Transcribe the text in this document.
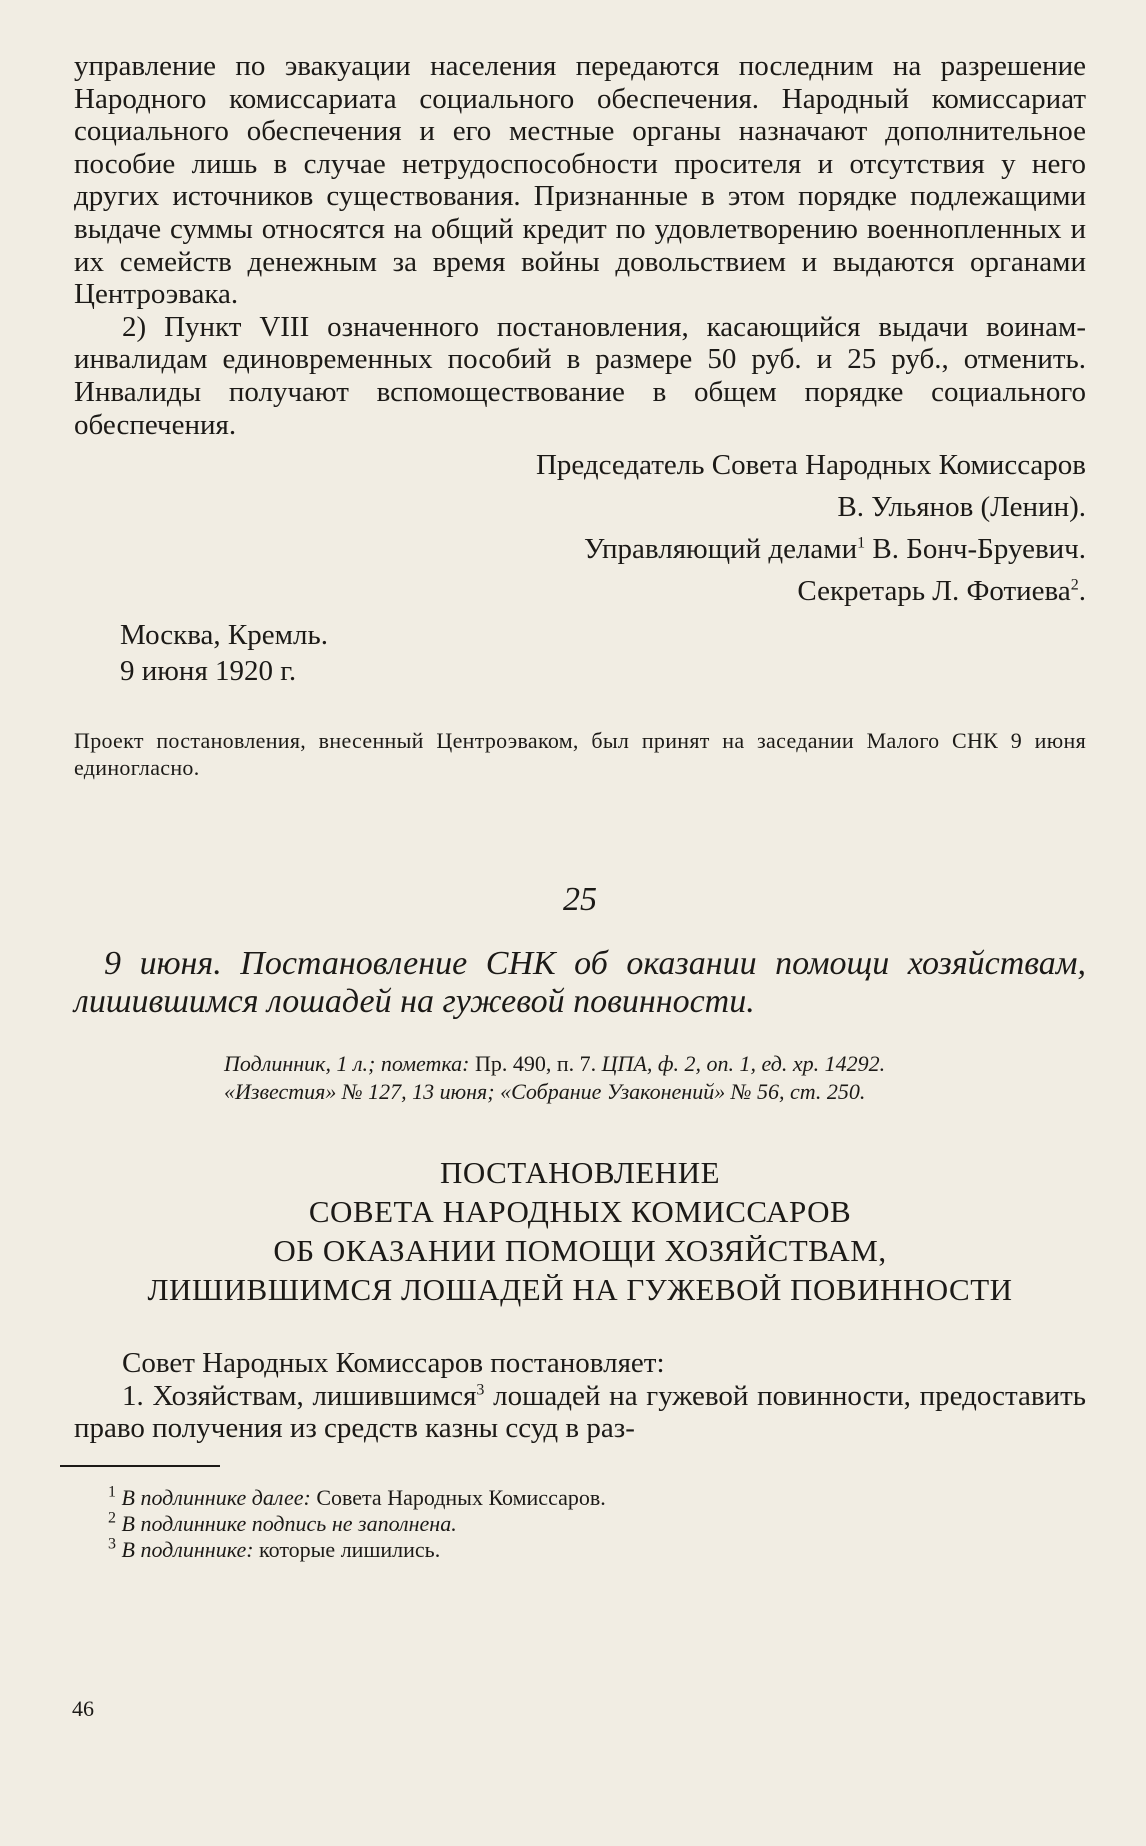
управление по эвакуации населения передаются последним на разрешение Народного комиссариата социального обеспечения. Народный комиссариат социального обеспечения и его местные органы назначают дополнительное пособие лишь в случае нетрудоспособности просителя и отсутствия у него других источников существования. Признанные в этом порядке подлежащими выдаче суммы относятся на общий кредит по удовлетворению военнопленных и их семейств денежным за время войны довольствием и выдаются органами Центроэвака.

2) Пункт VIII означенного постановления, касающийся выдачи воинам-инвалидам единовременных пособий в размере 50 руб. и 25 руб., отменить. Инвалиды получают вспомоществование в общем порядке социального обеспечения.

Председатель Совета Народных Комиссаров
В. Ульянов (Ленин).
Управляющий делами$^1$ В. Бонч-Бруевич.
Секретарь Л. Фотиева$^2$.
Москва, Кремль.
9 июня 1920 г.

Проект постановления, внесенный Центроэваком, был принят на заседании Малого СНК 9 июня единогласно.

25

9 июня. Постановление СНК об оказании помощи хозяйствам, лишившимся лошадей на гужевой повинности.

Подлинник, 1 л.; пометка: Пр. 490, п. 7. ЦПА, ф. 2, оп. 1, ед. хр. 14292.

«Известия» № 127, 13 июня; «Собрание Узаконений» № 56, ст. 250.

ПОСТАНОВЛЕНИЕ
СОВЕТА НАРОДНЫХ КОМИССАРОВ
ОБ ОКАЗАНИИ ПОМОЩИ ХОЗЯЙСТВАМ,
ЛИШИВШИМСЯ ЛОШАДЕЙ НА ГУЖЕВОЙ ПОВИННОСТИ

Совет Народных Комиссаров постановляет:

1. Хозяйствам, лишившимся$^3$ лошадей на гужевой повинности, предоставить право получения из средств казны ссуд в раз-

$^1$ В подлиннике далее: Совета Народных Комиссаров.

$^2$ В подлиннике подпись не заполнена.

$^3$ В подлиннике: которые лишились.

46
